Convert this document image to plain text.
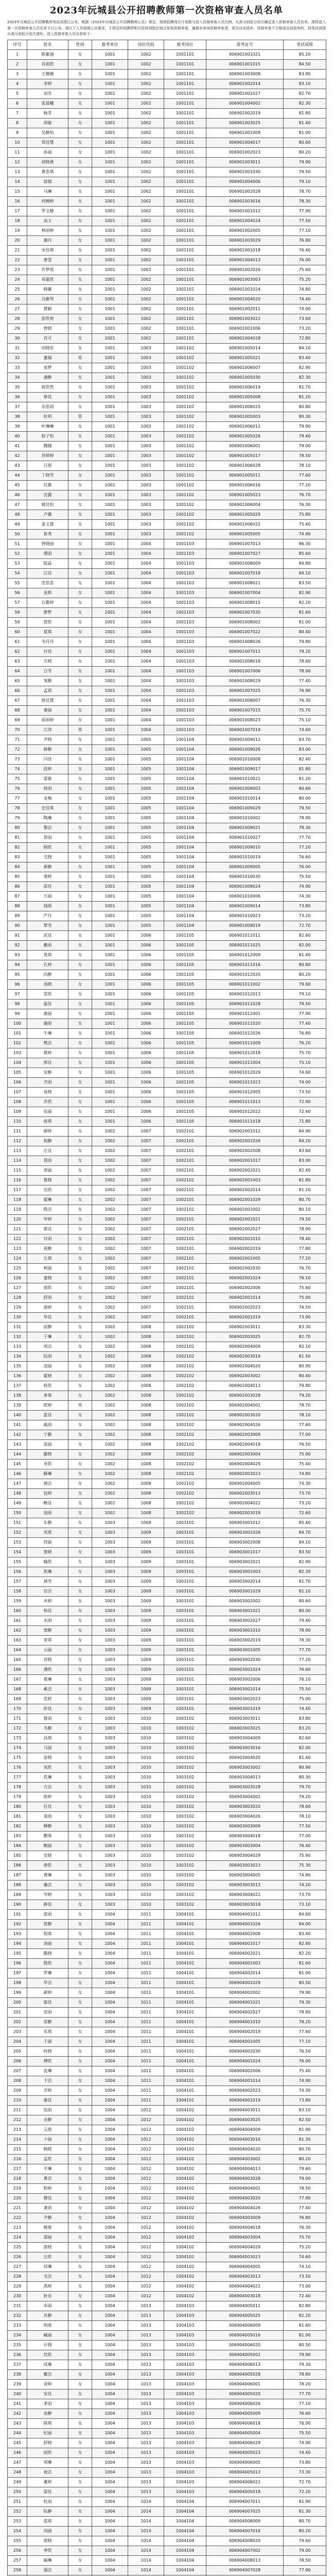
2023年沅城县公开招聘教师第一次资格审查人员名单

2023年沅城县公开招聘教师笔试成绩已公布，根据《2023年沅城县公开招聘教师公告》规定，按照招聘岗位计划数与进入资格审查人员比例，从高分到低分依次确定进入资格审查人员名单，现将进入第一次资格审查人员名单予以公布。请以下人员按照公告要求，于规定时间携带相关资料到指定地点参加资格审查，逾期未参加资格审查者，视为自动放弃。资格审查不合格或自动放弃的，按笔试成绩从高分到低分依次递补。进入资格审查人员名单如下：

序号	姓名	性别	报考单位	岗位代码	报考岗位	准考证号	笔试成绩
1	陈紫涵	女	1001	1002	1001101	006901001021	85.20
2	肖雨欣	女	1001	1002	1001101	006901001015	84.50
3	王珊珊	女	1001	1002	1001101	006901003008	83.90
4	李婷	女	1001	1002	1001101	006901002014	83.10
5	刘芳	女	1001	1002	1001101	006901001027	82.70
6	张晨曦	女	1001	1002	1001101	006901004002	82.30
7	杨雪	女	1001	1002	1001101	006901002019	81.80
8	周敏	女	1001	1002	1001101	006901003025	81.40
9	吴静怡	女	1001	1002	1001101	006901001009	81.00
10	郑佳慧	女	1001	1002	1001101	006901004017	80.60
11	孙丽	女	1001	1002	1001101	006901002023	80.20
12	胡晓燕	女	1001	1002	1001101	006901003011	79.90
13	黄思琪	女	1001	1002	1001101	006901001030	79.50
14	徐倩	女	1001	1002	1001101	006901004006	79.10
15	马琳	女	1001	1002	1001101	006901002028	78.70
16	何婉婷	女	1001	1002	1001101	006901003016	78.30
17	罗文静	女	1001	1002	1001101	006901001012	77.90
18	高玉	女	1001	1002	1001101	006901004024	77.50
19	林雨婷	女	1001	1002	1001101	006901002005	77.10
20	谢丹	女	1001	1002	1001101	006901003029	76.80
21	宋佳琪	女	1001	1002	1001101	006901001018	76.40
22	唐雯	女	1001	1002	1001101	006901004013	76.00
23	许梦瑶	女	1001	1002	1001101	006901002026	75.60
24	邓嘉欣	女	1001	1002	1001101	006901003003	75.20
25	韩璐	女	1001	1002	1001101	006901001024	74.80
26	冯雅琴	女	1001	1002	1001101	006901004020	74.40
27	曹颖	女	1001	1002	1001101	006901002011	74.00
28	彭欣悦	女	1001	1002	1001101	006901003022	73.60
29	曾晓	女	1001	1002	1001101	006901001006	73.20
30	肖可	女	1001	1002	1001101	006901004028	72.80
31	田晓彤	女	1001	1003	1001102	006901005014	84.10
32	董瑞	男	1001	1003	1001102	006901005021	83.40
33	袁梦	女	1001	1003	1001102	006901006007	82.90
34	潘静	女	1001	1003	1001102	006901005030	82.30
35	蒋欣然	女	1001	1003	1001102	006901006019	81.70
36	蔡佳	女	1001	1003	1001102	006901005008	81.20
37	余思雨	女	1001	1003	1001102	006901006025	80.80
38	杜明	男	1001	1003	1001102	006901005003	80.30
39	叶琳琳	女	1001	1003	1001102	006901006012	79.90
40	程子怡	女	1001	1003	1001102	006901005026	79.40
41	魏娜	女	1001	1003	1001102	006901006001	79.00
42	苏婷婷	女	1001	1003	1001102	006901005017	78.50
43	吕瑶	女	1001	1003	1001102	006901006028	78.10
44	丁晓雪	女	1001	1003	1001102	006901005011	77.60
45	任雅	女	1001	1003	1001102	006901006016	77.20
46	沈露	女	1001	1003	1001102	006901005023	76.70
47	姚佳怡	女	1001	1003	1001102	006901006004	76.30
48	卢薇	女	1001	1003	1001102	006901005029	75.80
49	姜文慧	女	1001	1003	1001102	006901006022	75.40
50	崔秀	女	1001	1003	1001102	006901005005	74.90
51	钟晓丽	女	1001	1004	1001103	006901007013	86.30
52	谭雨	女	1001	1004	1001103	006901007027	85.60
53	陆晶	女	1001	1004	1001103	006901008009	84.80
54	汪佳	女	1001	1004	1001103	006901007018	84.10
55	范思思	女	1001	1004	1001103	006901008021	83.50
56	金莉	女	1001	1004	1001103	006901007004	82.90
57	石雅婷	女	1001	1004	1001103	006901008015	82.20
58	廖梦	女	1001	1004	1001103	006901007030	81.60
59	贾欣	女	1001	1004	1001103	006901008002	81.00
60	夏琪	女	1001	1004	1001103	006901007022	80.40
61	韦丹丹	女	1001	1004	1001103	006901008026	79.80
62	付佳	女	1001	1004	1001103	006901007011	79.20
63	方晓	女	1001	1004	1001103	006901008018	78.60
64	白雪	女	1001	1004	1001103	006901007006	78.00
65	邹静	女	1001	1004	1001103	006901008029	77.40
66	孟瑶	女	1001	1004	1001103	006901007025	76.90
67	熊佳慧	女	1001	1004	1001103	006901008007	76.30
68	秦丽	女	1001	1004	1001103	006901007015	75.70
69	邱雨婷	女	1001	1004	1001103	006901008023	75.10
70	江涛	男	1001	1004	1001103	006901007019	74.60
71	尹晓	女	1001	1005	1001104	006901009012	83.70
72	薛静	女	1001	1005	1001104	006901009026	83.00
73	闫佳	女	1001	1005	1001104	006901010008	82.40
74	段婷	女	1001	1005	1001104	006901009017	81.80
75	雷敏	女	1001	1005	1001104	006901010021	81.20
76	侯雨	女	1001	1005	1001104	006901009003	80.60
77	龙梅	女	1001	1005	1001104	006901010014	80.00
78	史佳琪	女	1001	1005	1001104	006901009029	79.50
79	陶琳	女	1001	1005	1001104	006901010002	78.90
80	黎洁	女	1001	1005	1001104	006901009021	78.30
81	贺雨	女	1001	1005	1001104	006901010027	77.70
82	顾欣	女	1001	1005	1001104	006901009010	77.20
83	毛晓	女	1001	1005	1001104	006901010019	76.60
84	郝静	女	1001	1005	1001104	006901009005	76.00
85	龚婷	女	1001	1005	1001104	006901010030	75.50
86	邵佳	女	1001	1005	1001104	006901009024	74.90
87	万丽	女	1001	1005	1001104	006901010006	74.30
88	钱瑶	女	1001	1005	1001104	006901009014	73.80
89	严丹	女	1001	1005	1001104	006901010023	73.20
90	覃雪	女	1001	1005	1001104	006901009019	72.70
91	武佳	女	1001	1006	1001105	006901011011	82.60
92	戴雨	女	1001	1006	1001105	006901011025	82.00
93	莫琪	女	1001	1006	1001105	006901012009	81.40
94	孔婷	女	1001	1006	1001105	006901011016	80.80
95	向静	女	1001	1006	1001105	006901012020	80.20
96	汤晓	女	1001	1006	1001105	006901011002	79.60
97	常欣	女	1001	1006	1001105	006901012013	79.10
98	温佳	女	1001	1006	1001105	006901011028	78.50
99	康丽	女	1001	1006	1001105	006901012001	77.90
100	施雨	女	1001	1006	1001105	006901011020	77.40
101	牛琳	女	1001	1006	1001105	006901012026	76.80
102	樊洁	女	1001	1006	1001105	006901011009	76.20
103	葛婷	女	1001	1006	1001105	006901012018	75.70
104	邢佳	女	1001	1006	1001105	006901011004	75.10
105	安静	女	1001	1006	1001105	006901012029	74.60
106	齐雨	女	1001	1006	1001105	006901011023	74.00
107	易晓	女	1001	1006	1001105	006901012005	73.50
108	乔欣	女	1001	1006	1001105	006901011013	72.90
109	伍丽	女	1001	1006	1001105	006901012022	72.40
110	庞琪	女	1001	1006	1001105	006901011018	71.80
111	颜婷	女	1002	1007	1002101	006902001012	84.90
112	倪静	女	1002	1007	1002101	006902001026	84.20
113	庄佳	女	1002	1007	1002101	006902002008	83.60
114	聂雨	女	1002	1007	1002101	006902001017	83.00
115	章丽	女	1002	1007	1002101	006902002021	82.40
116	鲁晓	女	1002	1007	1002101	006902001003	81.80
117	岳欣	女	1002	1007	1002101	006902002014	81.20
118	翟琳	女	1002	1007	1002101	006902001029	80.70
119	殷洁	女	1002	1007	1002101	006902002002	80.10
120	毕婷	女	1002	1007	1002101	006902001021	79.50
121	郭佳	女	1002	1007	1002101	006902002027	78.90
122	甘雨	女	1002	1007	1002101	006902001010	78.40
123	祝静	女	1002	1007	1002101	006902002019	77.80
124	左琪	女	1002	1007	1002101	006902001005	77.20
125	柯丽	女	1002	1007	1002101	006902002030	76.70
126	童晓	女	1002	1007	1002101	006902001024	76.10
127	俞欣	女	1002	1007	1002101	006902002006	75.60
128	舒雨	女	1002	1007	1002101	006902001014	75.00
129	骆婷	女	1002	1007	1002101	006902002023	74.50
130	华佳	女	1002	1007	1002101	006902001019	73.90
131	屈静	女	1002	1008	1002102	006902003011	83.30
132	于琳	女	1002	1008	1002102	006902003025	82.70
133	项洁	女	1002	1008	1002102	006902004009	82.10
134	阮雨	女	1002	1008	1002102	006902003016	81.50
135	凌丽	女	1002	1008	1002102	006902004020	80.90
136	霍晓	女	1002	1008	1002102	006902003002	80.40
137	桂欣	女	1002	1008	1002102	006902004013	79.80
138	单琪	女	1002	1008	1002102	006902003028	79.20
139	欧婷	男	1002	1008	1002102	006902004001	78.70
140	蓝佳	女	1002	1008	1002102	006902003020	78.10
141	戚雨	女	1002	1008	1002102	006902004026	77.60
142	宁静	女	1002	1008	1002102	006902003009	77.00
143	苗丽	女	1002	1008	1002102	006902004018	76.50
144	滕晓	女	1002	1008	1002102	006902003004	75.90
145	卓欣	女	1002	1008	1002102	006902004029	75.40
146	解琳	女	1002	1008	1002102	006902003023	74.80
147	褚洁	女	1002	1008	1002102	006902004005	74.30
148	包婷	女	1002	1008	1002102	006902003013	73.70
149	鲍佳	女	1002	1008	1002102	006902004022	73.20
150	池雨	女	1002	1008	1002102	006902003018	72.60
151	车静	女	1003	1009	1003101	006903001012	85.40
152	巩琪	女	1003	1009	1003101	006903001026	84.70
153	符丽	女	1003	1009	1003101	006903002008	84.10
154	詹晓	女	1003	1009	1003101	006903001017	83.50
155	喻欣	女	1003	1009	1003101	006903002021	82.90
156	焦琳	女	1003	1009	1003101	006903001003	82.30
157	褚雪	女	1003	1009	1003101	006903002014	81.70
158	宫洁	女	1003	1009	1003101	006903001029	81.10
159	米婷	女	1003	1009	1003101	006903002002	80.60
160	柏佳	女	1003	1009	1003101	006903001021	80.00
161	水雨	女	1003	1009	1003101	006903002027	79.40
162	窦静	女	1003	1009	1003101	006903001010	78.90
163	章琪	女	1003	1009	1003101	006903002019	78.30
164	云丽	女	1003	1009	1003101	006903001005	77.70
165	苏晓	女	1003	1009	1003101	006903002030	77.20
166	潘欣	女	1003	1009	1003101	006903001024	76.60
167	葛琳	女	1003	1009	1003101	006903002006	76.10
168	奚洁	女	1003	1009	1003101	006903001014	75.50
169	范婷	女	1003	1009	1003101	006903002023	75.00
170	彭佳	女	1003	1009	1003101	006903001019	74.40
171	鲁雨	女	1003	1010	1003102	006903003011	83.80
172	韦静	女	1003	1010	1003102	006903003025	83.20
173	昌琪	女	1003	1010	1003102	006903004009	82.60
174	马丽	女	1003	1010	1003102	006903003016	82.00
175	苗晓	女	1003	1010	1003102	006903004020	81.40
176	凤欣	女	1003	1010	1003102	006903003002	80.90
177	花琳	女	1003	1010	1003102	006903004013	80.30
178	方洁	女	1003	1010	1003102	006903003028	79.70
179	俞婷	女	1003	1010	1003102	006903004001	79.20
180	任佳	女	1003	1010	1003102	006903003020	78.60
181	袁雨	女	1003	1010	1003102	006903004026	78.10
182	柳静	女	1003	1010	1003102	006903003009	77.50
183	酆琪	女	1003	1010	1003102	006903004018	77.00
184	鲍丽	女	1003	1010	1003102	006903003004	76.40
185	史晓	女	1003	1010	1003102	006903004029	75.90
186	唐欣	女	1003	1010	1003102	006903003023	75.30
187	费琳	女	1003	1010	1003102	006903004005	74.80
188	廉洁	女	1003	1010	1003102	006903003013	74.20
189	岑婷	女	1003	1010	1003102	006903004022	73.70
190	薛佳	女	1003	1010	1003102	006903003018	73.10
191	雷雨	女	1004	1011	1004101	006904001012	84.60
192	贺静	女	1004	1011	1004101	006904001026	84.00
193	倪琪	女	1004	1011	1004101	006904002008	83.40
194	汤丽	女	1004	1011	1004101	006904001017	82.80
195	滕晓	女	1004	1011	1004101	006904002021	82.20
196	殷欣	女	1004	1011	1004101	006904001003	81.60
197	罗琳	女	1004	1011	1004101	006904002014	81.00
198	毕洁	女	1004	1011	1004101	006904001029	80.50
199	郝婷	女	1004	1011	1004101	006904002002	79.90
200	邬佳	女	1004	1011	1004101	006904001021	79.30
201	安雨	女	1004	1011	1004101	006904002027	78.80
202	常静	女	1004	1011	1004101	006904001010	78.20
203	乐琪	女	1004	1011	1004101	006904002019	77.60
204	于丽	女	1004	1011	1004101	006904001005	77.10
205	时晓	女	1004	1011	1004101	006904002030	76.50
206	傅欣	女	1004	1011	1004101	006904001024	76.00
207	皮琳	女	1004	1011	1004101	006904002006	75.40
208	卞洁	女	1004	1011	1004101	006904001014	74.90
209	齐婷	女	1004	1011	1004101	006904002023	74.30
210	康佳	女	1004	1011	1004101	006904001019	73.80
211	伍雨	女	1004	1012	1004102	006904003011	83.10
212	余静	女	1004	1012	1004102	006904003025	82.50
213	元琪	女	1004	1012	1004102	006904004009	81.90
214	卜丽	女	1004	1012	1004102	006904003016	81.30
215	顾晓	女	1004	1012	1004102	006904004020	80.70
216	孟欣	女	1004	1012	1004102	006904003002	80.20
217	平琳	女	1004	1012	1004102	006904004013	79.60
218	黄洁	女	1004	1012	1004102	006904003028	79.00
219	和婷	女	1004	1012	1004102	006904004001	78.50
220	穆佳	女	1004	1012	1004102	006904003020	77.90
221	萧雨	女	1004	1012	1004102	006904004026	77.40
222	尹静	女	1004	1012	1004102	006904003009	76.80
223	姚琪	女	1004	1012	1004102	006904004018	76.30
224	邵丽	女	1004	1012	1004102	006904003004	75.70
225	湛晓	女	1004	1012	1004102	006904004029	75.20
226	汪欣	女	1004	1012	1004102	006904003023	74.60
227	祁琳	女	1004	1012	1004102	006904004005	74.10
228	毛洁	女	1004	1012	1004102	006904003013	73.50
229	禹婷	女	1004	1012	1004102	006904004022	73.00
230	狄佳	女	1004	1012	1004102	006904003018	72.40
231	米雨	女	1004	1013	1004103	006904005011	82.80
232	贝静	女	1004	1013	1004103	006904005025	82.20
233	明琪	女	1004	1013	1004103	006904006009	81.60
234	臧丽	女	1004	1013	1004103	006904005016	81.00
235	计晓	女	1004	1013	1004103	006904006020	80.50
236	伏欣	女	1004	1013	1004103	006904005002	79.90
237	成琳	女	1004	1013	1004103	006904006013	79.30
238	戴洁	女	1004	1013	1004103	006904005028	78.80
239	谈婷	女	1004	1013	1004103	006904006001	78.20
240	宋佳	女	1004	1013	1004103	006904005020	77.70
241	茅雨	女	1004	1013	1004103	006904006026	77.10
242	庞静	女	1004	1013	1004103	006904005009	76.60
243	熊琪	女	1004	1013	1004103	006904006018	76.00
244	纪丽	女	1004	1013	1004103	006904005004	75.50
245	舒晓	女	1004	1013	1004103	006904006029	74.90
246	屈欣	女	1004	1013	1004103	006904005023	74.40
247	项琳	女	1004	1013	1004103	006904006005	73.80
248	祝洁	女	1004	1013	1004103	006904005013	73.30
249	董婷	女	1004	1013	1004103	006904006022	72.70
250	梁佳	女	1004	1013	1004103	006904005018	72.20
251	杜雨	女	1004	1014	1004104	006904007011	81.90
252	阮静	女	1004	1014	1004104	006904007025	81.30
253	蓝琪	女	1004	1014	1004104	006904008009	80.70
254	闵丽	女	1004	1014	1004104	006904007016	80.20
255	席晓	女	1004	1014	1004104	006904008020	79.60
256	季欣	女	1004	1014	1004104	006904007002	79.00
257	麻琳	女	1004	1014	1004104	006904008013	78.50
258	强洁	女	1004	1014	1004104	006904007028	77.90
